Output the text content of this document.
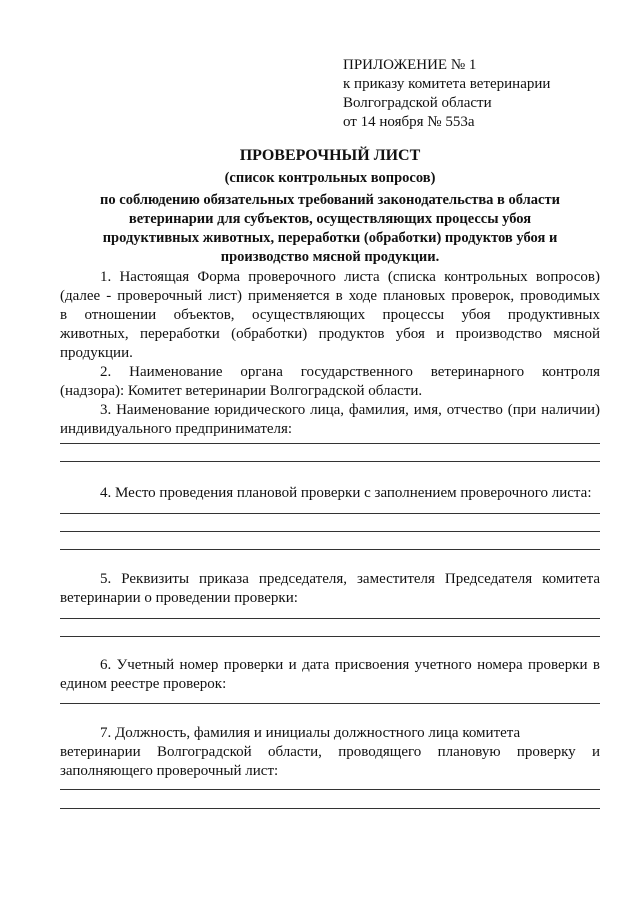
ПРИЛОЖЕНИЕ № 1
к приказу комитета ветеринарии
Волгоградской области
от 14 ноября № 553а
ПРОВЕРОЧНЫЙ ЛИСТ
(список контрольных вопросов)
по соблюдению обязательных требований законодательства в области
ветеринарии для субъектов, осуществляющих процессы убоя
продуктивных животных, переработки (обработки) продуктов убоя и
производство мясной продукции.
1. Настоящая Форма проверочного листа (списка контрольных вопросов)
(далее - проверочный лист) применяется в ходе плановых проверок, проводимых
в отношении объектов, осуществляющих процессы убоя продуктивных
животных, переработки (обработки) продуктов убоя и производство мясной
продукции.
2. Наименование органа государственного ветеринарного контроля
(надзора): Комитет ветеринарии Волгоградской области.
3. Наименование юридического лица, фамилия, имя, отчество (при наличии)
индивидуального предпринимателя:
4. Место проведения плановой проверки с заполнением проверочного листа:
5. Реквизиты приказа председателя, заместителя Председателя комитета
ветеринарии о проведении проверки:
6. Учетный номер проверки и дата присвоения учетного номера проверки в
едином реестре проверок:
7. Должность, фамилия и инициалы должностного лица комитета
ветеринарии Волгоградской области, проводящего плановую проверку и
заполняющего проверочный лист:
